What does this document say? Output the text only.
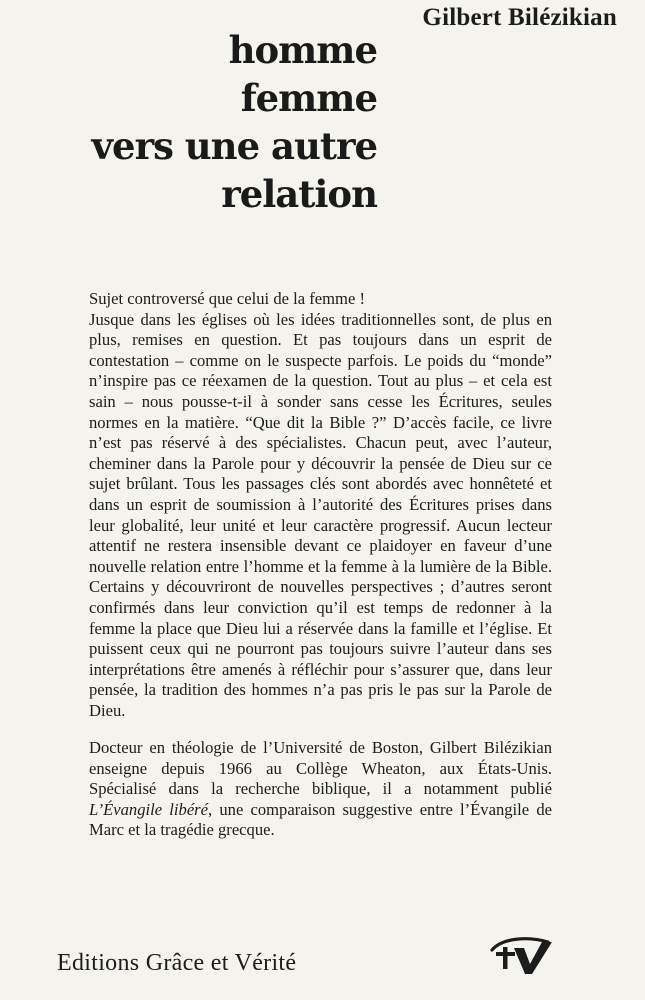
Gilbert Bilézikian
homme
femme
vers une autre
relation

Sujet controversé que celui de la femme !

Jusque dans les églises où les idées traditionnelles sont, de plus en plus, remises en question. Et pas toujours dans un esprit de contestation – comme on le suspecte parfois. Le poids du “monde” n’inspire pas ce réexamen de la question. Tout au plus – et cela est sain – nous pousse-t-il à sonder sans cesse les Écritures, seules normes en la matière. “Que dit la Bible ?” D’accès facile, ce livre n’est pas réservé à des spécialistes. Chacun peut, avec l’auteur, cheminer dans la Parole pour y découvrir la pensée de Dieu sur ce sujet brûlant. Tous les passages clés sont abordés avec honnêteté et dans un esprit de soumission à l’autorité des Écritures prises dans leur globalité, leur unité et leur caractère progressif. Aucun lecteur attentif ne restera insensible devant ce plaidoyer en faveur d’une nouvelle relation entre l’homme et la femme à la lumière de la Bible. Certains y découvriront de nouvelles perspectives ; d’autres seront confirmés dans leur conviction qu’il est temps de redonner à la femme la place que Dieu lui a réservée dans la famille et l’église. Et puissent ceux qui ne pourront pas toujours suivre l’auteur dans ses interprétations être amenés à réfléchir pour s’assurer que, dans leur pensée, la tradition des hommes n’a pas pris le pas sur la Parole de Dieu.

Docteur en théologie de l’Université de Boston, Gilbert Bilézikian enseigne depuis 1966 au Collège Wheaton, aux États-Unis. Spécialisé dans la recherche biblique, il a notamment publié L’Évangile libéré, une comparaison suggestive entre l’Évangile de Marc et la tragédie grecque.
Editions Grâce et Vérité
